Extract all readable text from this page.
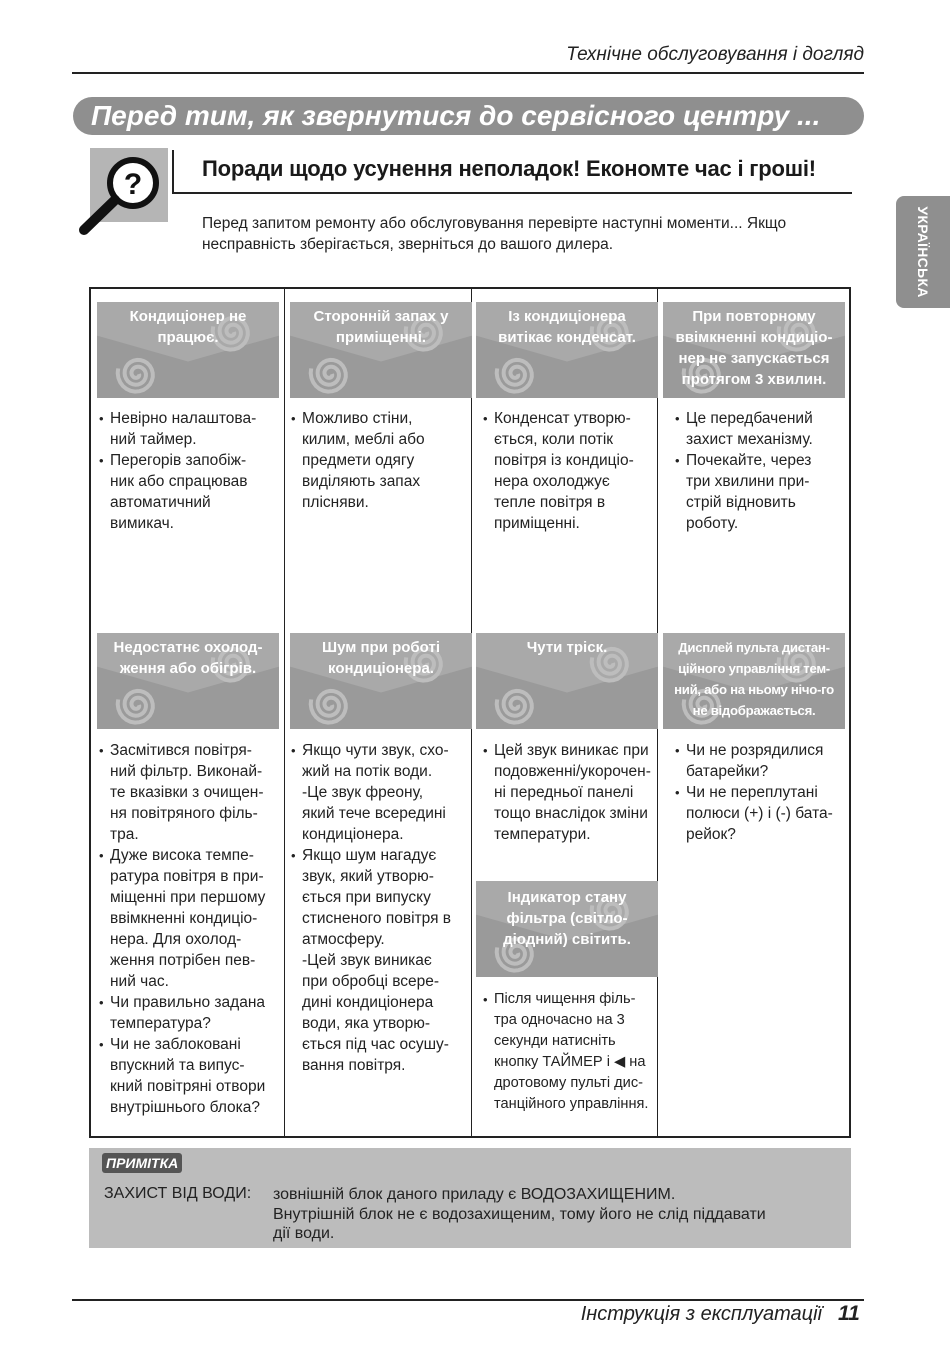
Технічне обслуговування і догляд
Перед тим, як звернутися до сервісного центру ...
?	Поради щодо усунення неполадок! Економте час і гроші!
Перед запитом ремонту або обслуговування перевірте наступні моменти... Якщо несправність зберігається, зверніться до вашого дилера.	УКРАЇНСЬКА
Кондиціонер не працює.
• Невірно налаштова-
ний таймер.
• Перегорів запобіж-
ник або спрацював
автоматичний
вимикач.
Сторонній запах у приміщенні.
• Можливо стіни,
килим, меблі або
предмети одягу
виділяють запах
плісняви.
Із кондиціонера витікає конденсат.
• Конденсат утворю-
ється, коли потік
повітря із кондиціо-
нера охолоджує
тепле повітря в
приміщенні.
При повторному ввімкненні кондиціо-нер не запускається протягом 3 хвилин.
• Це передбачений
захист механізму.
• Почекайте, через
три хвилини при-
стрій відновить
роботу.
Недостатнє охолод-ження або обігрів.
• Засмітився повітря-
ний фільтр. Виконай-
те вказівки з очищен-
ня повітряного філь-
тра.
• Дуже висока темпе-
ратура повітря в при-
міщенні при першому
ввімкненні кондиціо-
нера. Для охолод-
ження потрібен пев-
ний час.
• Чи правильно задана
температура?
• Чи не заблоковані
впускний та випус-
кний повітряні отвори
внутрішнього блока?
Шум при роботі кондиціонера.
• Якщо чути звук, схо-
жий на потік води.
-Це звук фреону,
який тече всередині
кондиціонера.
• Якщо шум нагадує
звук, який утворю-
ється при випуску
стисненого повітря в
атмосферу.
-Цей звук виникає
при обробці всере-
дині кондиціонера
води, яка утворю-
ється під час осушу-
вання повітря.
Чути тріск.
• Цей звук виникає при
подовженні/укорочен-
ні передньої панелі
тощо внаслідок зміни
температури.
Дисплей пульта дистан-ційного управління тем-ний, або на ньому нічо-го не відображається.
• Чи не розрядилися
батарейки?
• Чи не переплутані
полюси (+) і (-) бата-
рейок?
Індикатор стану фільтра (світло-діодний) світить.
• Після чищення філь-
тра одночасно на 3
секунди натисніть
кнопку ТАЙМЕР і ◀ на
дротовому пульті дис-
танційного управління.
ПРИМІТКА
ЗАХИСТ ВІД ВОДИ: зовнішній блок даного приладу є ВОДОЗАХИЩЕНИМ.
Внутрішній блок не є водозахищеним, тому його не слід піддавати
дії води.
Інструкція з експлуатації 11
